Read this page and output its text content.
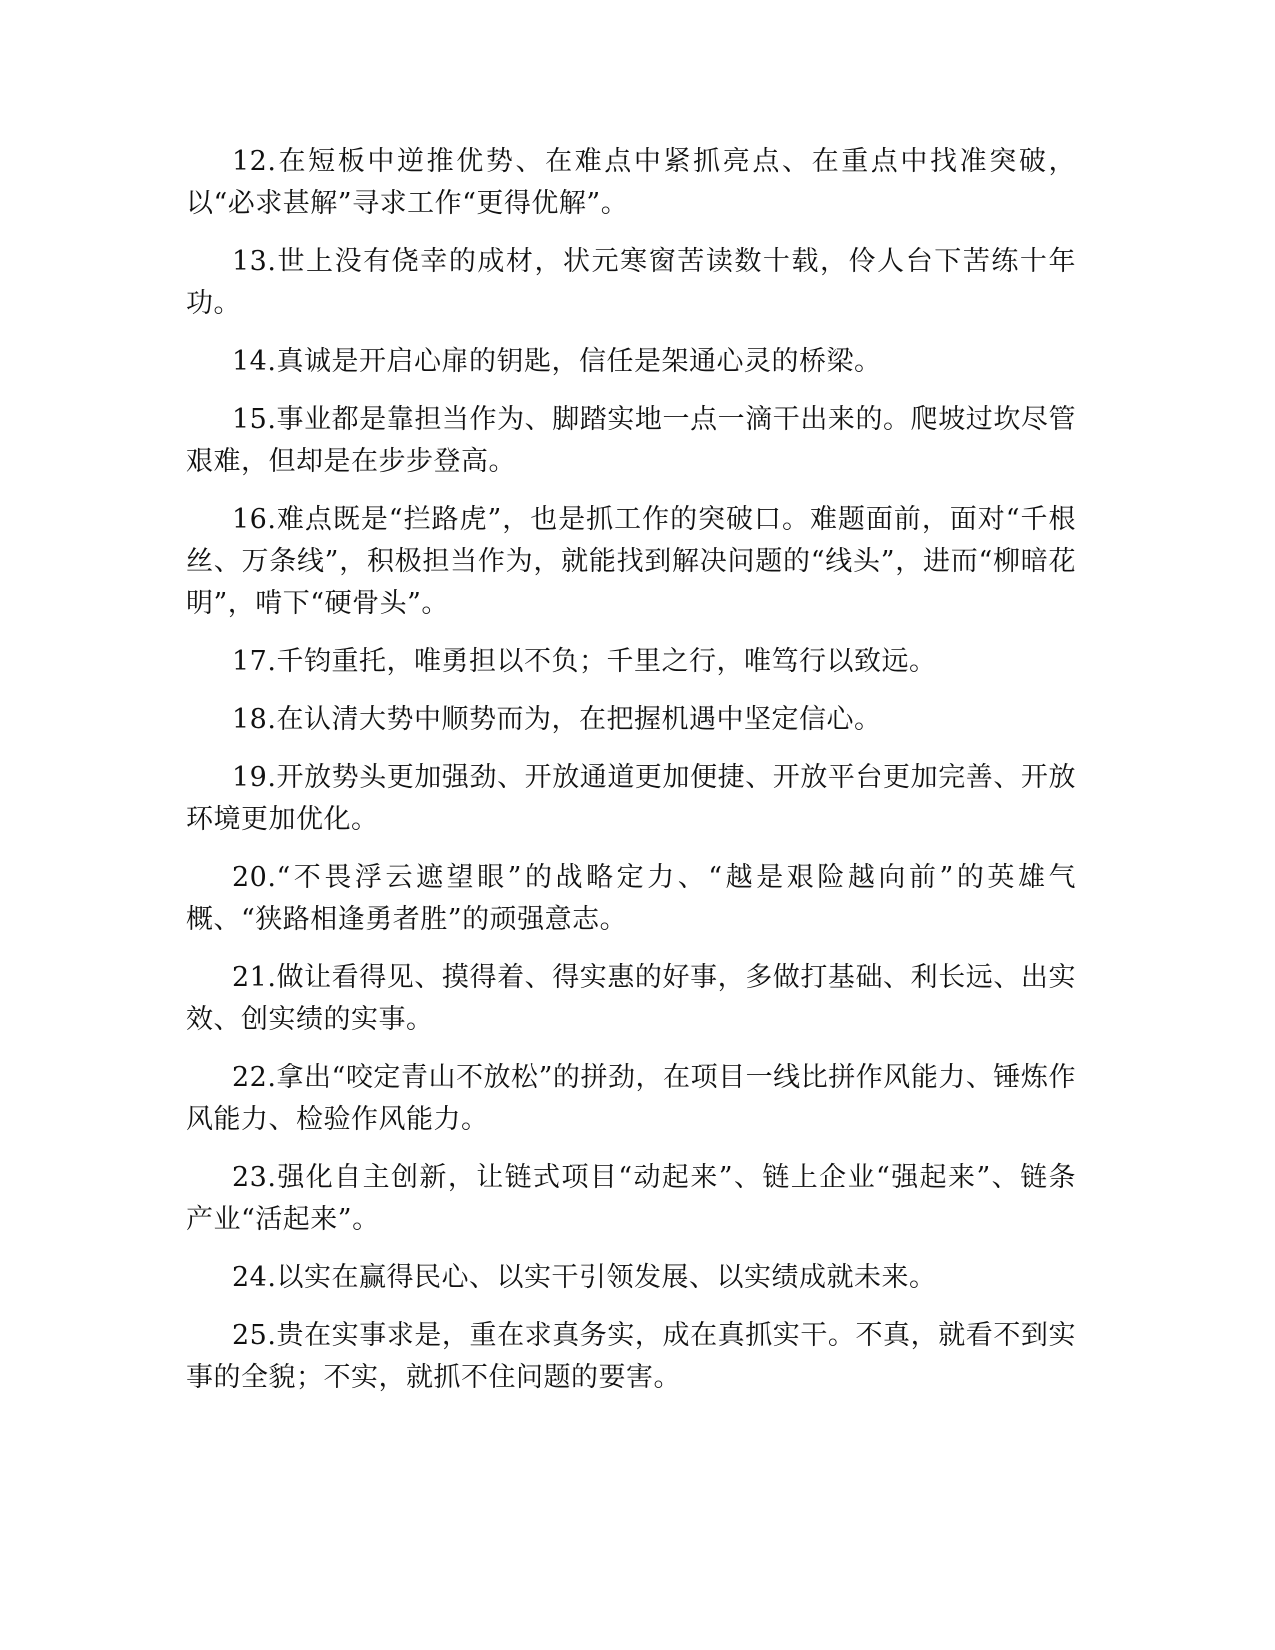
12.在短板中逆推优势、在难点中紧抓亮点、在重点中找准突破，以“必求甚解”寻求工作“更得优解”。

13.世上没有侥幸的成材，状元寒窗苦读数十载，伶人台下苦练十年功。

14.真诚是开启心扉的钥匙，信任是架通心灵的桥梁。

15.事业都是靠担当作为、脚踏实地一点一滴干出来的。爬坡过坎尽管艰难，但却是在步步登高。

16.难点既是“拦路虎”，也是抓工作的突破口。难题面前，面对“千根丝、万条线”，积极担当作为，就能找到解决问题的“线头”，进而“柳暗花明”，啃下“硬骨头”。

17.千钧重托，唯勇担以不负；千里之行，唯笃行以致远。

18.在认清大势中顺势而为，在把握机遇中坚定信心。

19.开放势头更加强劲、开放通道更加便捷、开放平台更加完善、开放环境更加优化。

20.“不畏浮云遮望眼”的战略定力、“越是艰险越向前”的英雄气概、“狭路相逢勇者胜”的顽强意志。

21.做让看得见、摸得着、得实惠的好事，多做打基础、利长远、出实效、创实绩的实事。

22.拿出“咬定青山不放松”的拼劲，在项目一线比拼作风能力、锤炼作风能力、检验作风能力。

23.强化自主创新，让链式项目“动起来”、链上企业“强起来”、链条产业“活起来”。

24.以实在赢得民心、以实干引领发展、以实绩成就未来。

25.贵在实事求是，重在求真务实，成在真抓实干。不真，就看不到实事的全貌；不实，就抓不住问题的要害。
